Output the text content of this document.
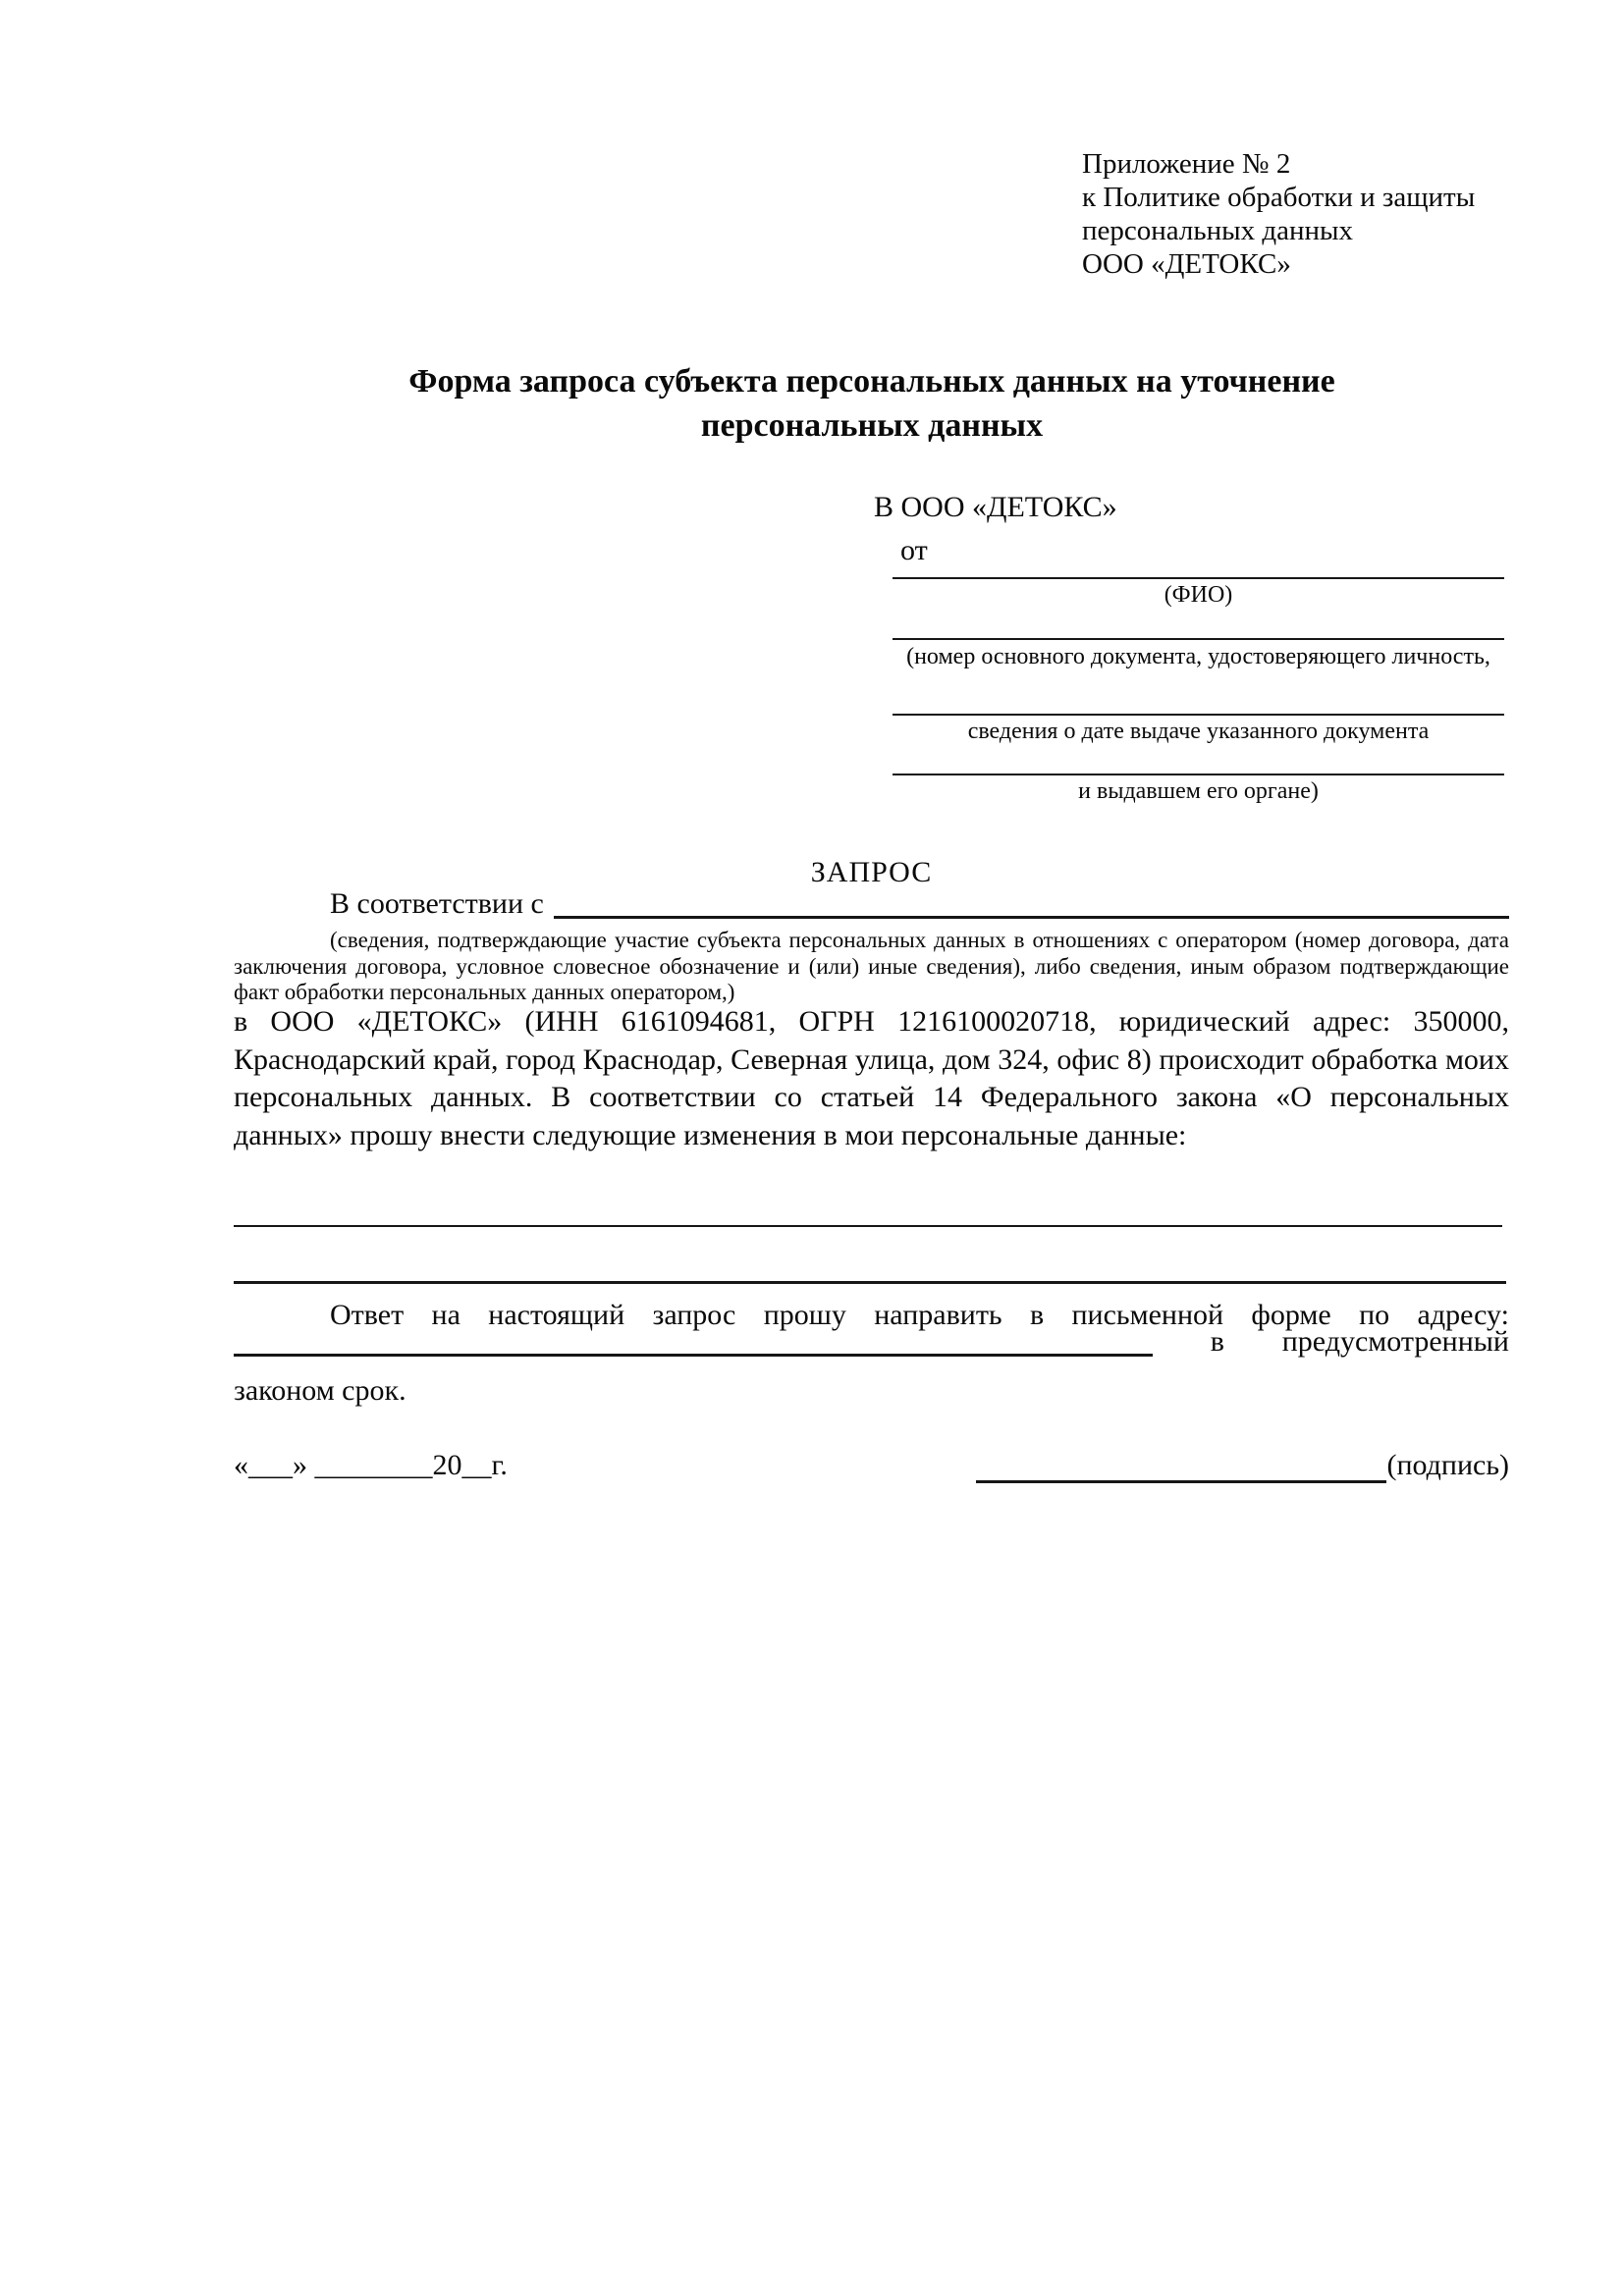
Приложение № 2
к Политике обработки и защиты
персональных данных
ООО «ДЕТОКС»
Форма запроса субъекта персональных данных на уточнение персональных данных
В ООО «ДЕТОКС»
от
(ФИО)
(номер основного документа, удостоверяющего личность,
сведения о дате выдаче указанного документа
и выдавшем его органе)
ЗАПРОС
В соответствии с
(сведения, подтверждающие участие субъекта персональных данных в отношениях с оператором (номер договора, дата заключения договора, условное словесное обозначение и (или) иные сведения), либо сведения, иным образом подтверждающие факт обработки персональных данных оператором,)
в ООО «ДЕТОКС» (ИНН 6161094681, ОГРН 1216100020718, юридический адрес: 350000, Краснодарский край, город Краснодар, Северная улица, дом 324, офис 8) происходит обработка моих персональных данных. В соответствии со статьей 14 Федерального закона «О персональных данных» прошу внести следующие изменения в мои персональные данные:
Ответ на настоящий запрос прошу направить в письменной форме по адресу:
в предусмотренный
законом срок.
«___» ________20__г.	(подпись)
